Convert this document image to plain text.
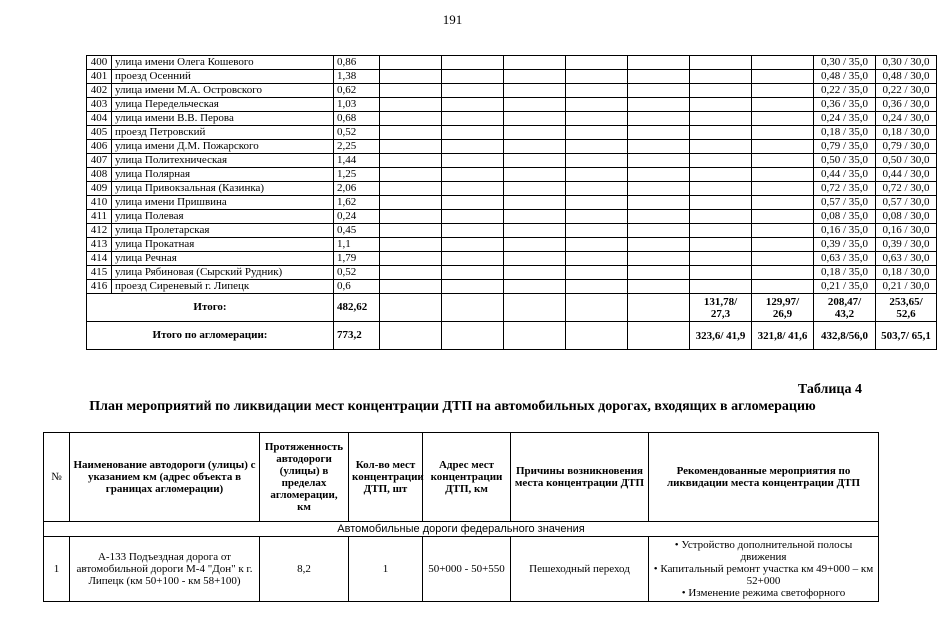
191
400	улица имени Олега Кошевого	0,86								0,30 / 35,0	0,30 / 30,0
401	проезд Осенний	1,38								0,48 / 35,0	0,48 / 30,0
402	улица имени М.А. Островского	0,62								0,22 / 35,0	0,22 / 30,0
403	улица Передельческая	1,03								0,36 / 35,0	0,36 / 30,0
404	улица имени В.В. Перова	0,68								0,24 / 35,0	0,24 / 30,0
405	проезд Петровский	0,52								0,18 / 35,0	0,18 / 30,0
406	улица имени Д.М. Пожарского	2,25								0,79 / 35,0	0,79 / 30,0
407	улица Политехническая	1,44								0,50 / 35,0	0,50 / 30,0
408	улица Полярная	1,25								0,44 / 35,0	0,44 / 30,0
409	улица Привокзальная (Казинка)	2,06								0,72 / 35,0	0,72 / 30,0
410	улица имени Пришвина	1,62								0,57 / 35,0	0,57 / 30,0
411	улица Полевая	0,24								0,08 / 35,0	0,08 / 30,0
412	улица Пролетарская	0,45								0,16 / 35,0	0,16 / 30,0
413	улица Прокатная	1,1								0,39 / 35,0	0,39 / 30,0
414	улица Речная	1,79								0,63 / 35,0	0,63 / 30,0
415	улица Рябиновая (Сырский Рудник)	0,52								0,18 / 35,0	0,18 / 30,0
416	проезд Сиреневый г. Липецк	0,6								0,21 / 35,0	0,21 / 30,0
Итого:		482,62						131,78/ 27,3	129,97/ 26,9	208,47/ 43,2	253,65/ 52,6
Итого по агломерации:		773,2						323,6/ 41,9	321,8/ 41,6	432,8/56,0	503,7/ 65,1
Таблица 4
План мероприятий по ликвидации мест концентрации ДТП на автомобильных дорогах, входящих в агломерацию
№	Наименование автодороги (улицы) с указанием км (адрес объекта в границах агломерации)	Протяженность автодороги (улицы) в пределах агломерации, км	Кол-во мест концентрации ДТП, шт	Адрес мест концентрации ДТП, км	Причины возникновения места концентрации ДТП	Рекомендованные мероприятия по ликвидации места концентрации ДТП
Автомобильные дороги федерального значения						
1	А-133 Подъездная дорога от автомобильной дороги М-4 "Дон" к г. Липецк (км 50+100 - км 58+100)	8,2	1	50+000 - 50+550	Пешеходный переход	• Устройство дополнительной полосы движения
• Капитальный ремонт участка км 49+000 – км 52+000
• Изменение режима светофорного
